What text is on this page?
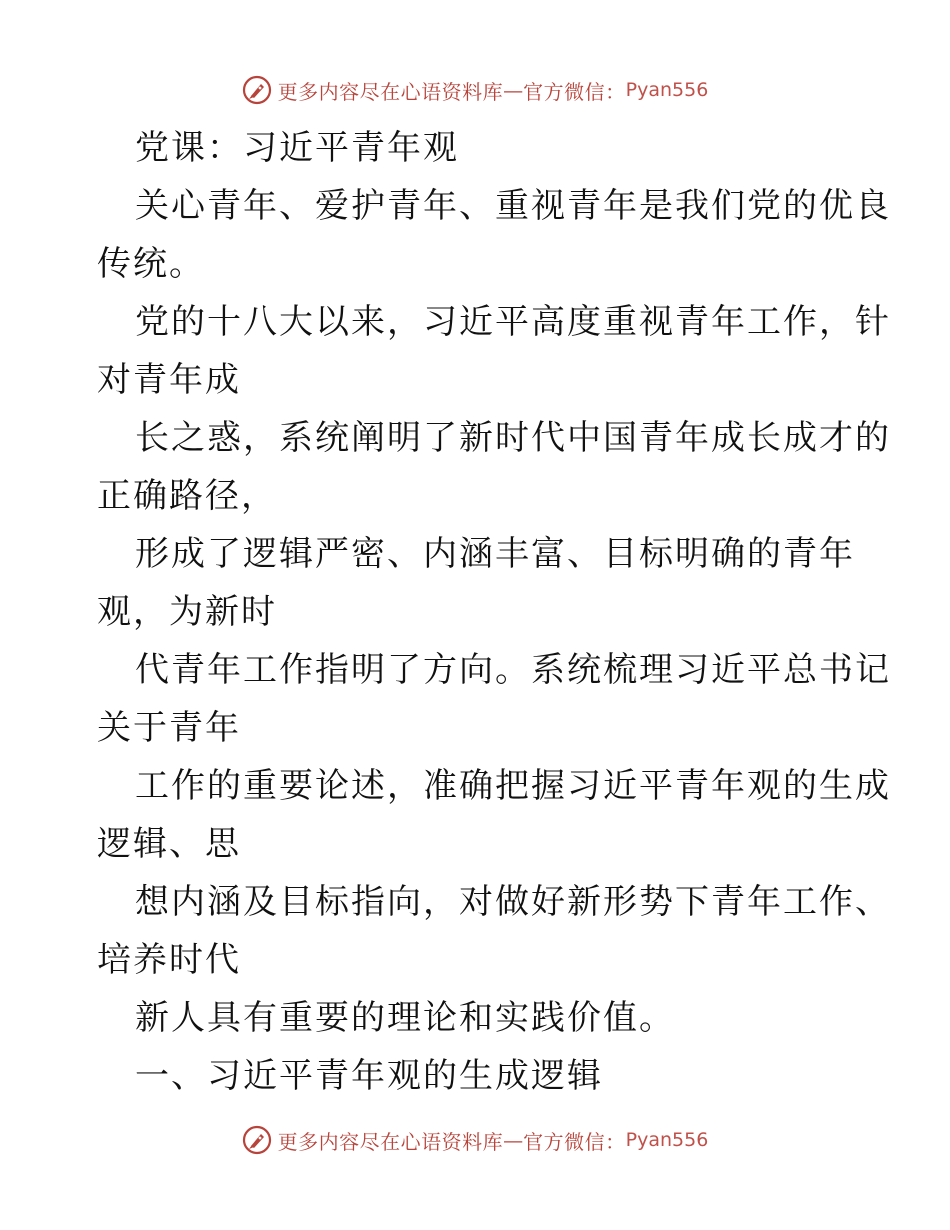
更多内容尽在心语资料库 — 官方微信： Pyan556
党课：习近平青年观
关心青年、爱护青年、重视青年是我们党的优良
传统。
党的十八大以来，习近平高度重视青年工作，针
对青年成
长之惑，系统阐明了新时代中国青年成长成才的
正确路径，
形成了逻辑严密、内涵丰富、目标明确的青年
观，为新时
代青年工作指明了方向。系统梳理习近平总书记
关于青年
工作的重要论述，准确把握习近平青年观的生成
逻辑、思
想内涵及目标指向，对做好新形势下青年工作、
培养时代
新人具有重要的理论和实践价值。
一、习近平青年观的生成逻辑
更多内容尽在心语资料库 — 官方微信： Pyan556
